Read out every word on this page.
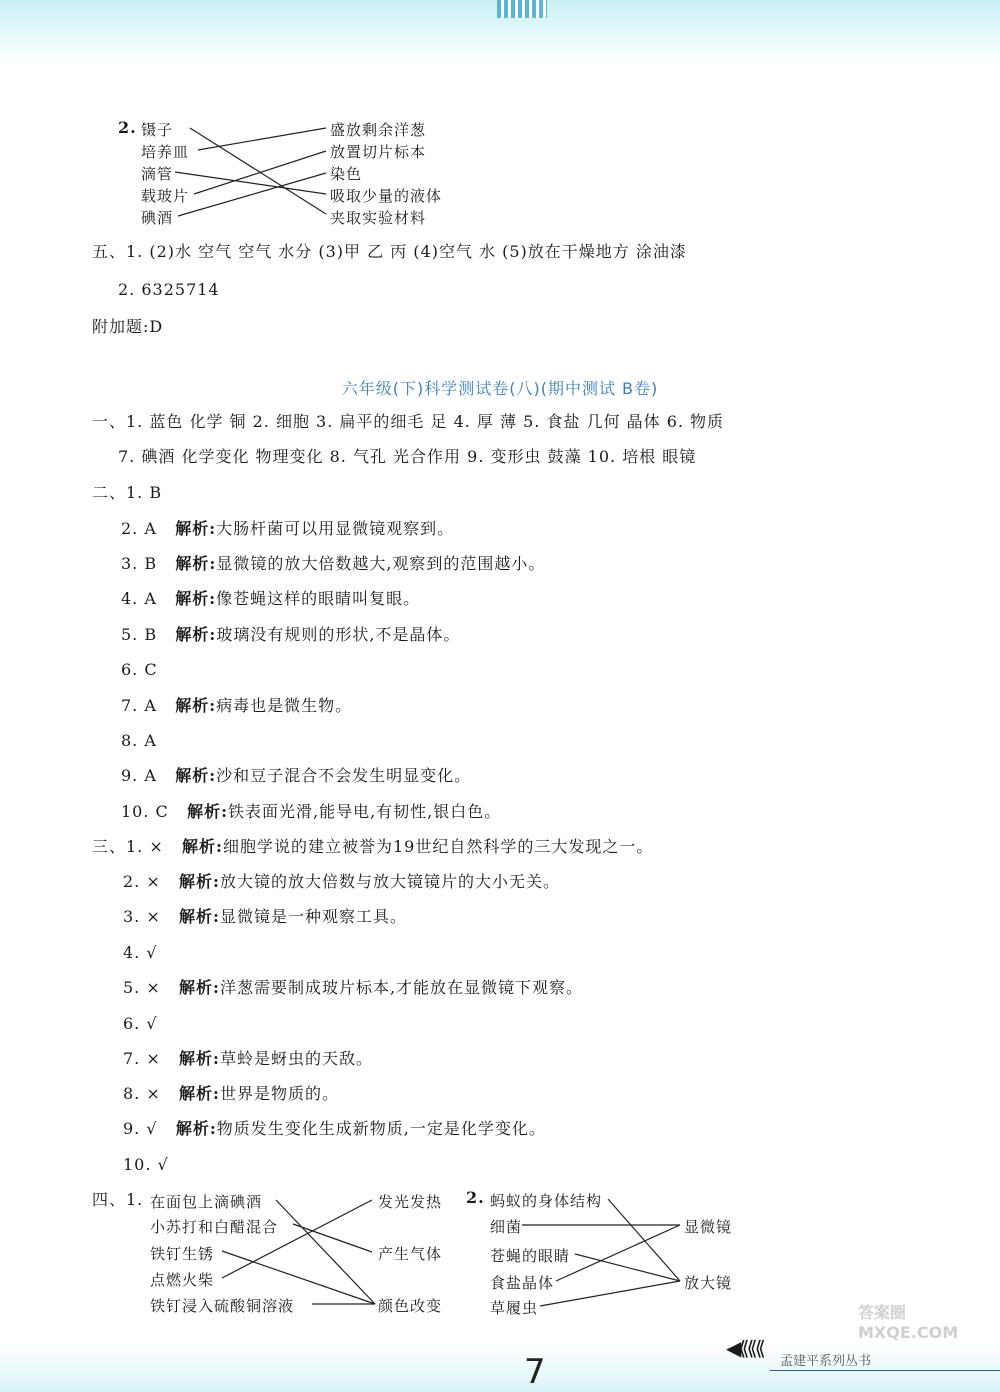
2. 镊子
培养皿
滴管
载玻片
碘酒
盛放剩余洋葱
放置切片标本
染色
吸取少量的液体
夹取实验材料
五、1. (2)水 空气 空气 水分 (3)甲 乙 丙 (4)空气 水 (5)放在干燥地方 涂油漆
2. 6325714
附加题:D
六年级(下)科学测试卷(八)(期中测试 B卷)
一、1. 蓝色 化学 铜 2. 细胞 3. 扁平的细毛 足 4. 厚 薄 5. 食盐 几何 晶体 6. 物质
7. 碘酒 化学变化 物理变化 8. 气孔 光合作用 9. 变形虫 鼓藻 10. 培根 眼镜
二、1. B
2. A 解析:大肠杆菌可以用显微镜观察到。
3. B 解析:显微镜的放大倍数越大,观察到的范围越小。
4. A 解析:像苍蝇这样的眼睛叫复眼。
5. B 解析:玻璃没有规则的形状,不是晶体。
6. C
7. A 解析:病毒也是微生物。
8. A
9. A 解析:沙和豆子混合不会发生明显变化。
10. C 解析:铁表面光滑,能导电,有韧性,银白色。
三、1. × 解析:细胞学说的建立被誉为19世纪自然科学的三大发现之一。
2. × 解析:放大镜的放大倍数与放大镜镜片的大小无关。
3. × 解析:显微镜是一种观察工具。
4. √
5. × 解析:洋葱需要制成玻片标本,才能放在显微镜下观察。
6. √
7. × 解析:草蛉是蚜虫的天敌。
8. × 解析:世界是物质的。
9. √ 解析:物质发生变化生成新物质,一定是化学变化。
10. √
四、1. 在面包上滴碘酒
小苏打和白醋混合
铁钉生锈
点燃火柴
铁钉浸入硫酸铜溶液
发光发热
产生气体
颜色改变
2. 蚂蚁的身体结构
细菌
苍蝇的眼睛
食盐晶体
草履虫
显微镜
放大镜
◀⟪⟪⟪
孟建平系列丛书
7
答案圈 MXQE.COM
